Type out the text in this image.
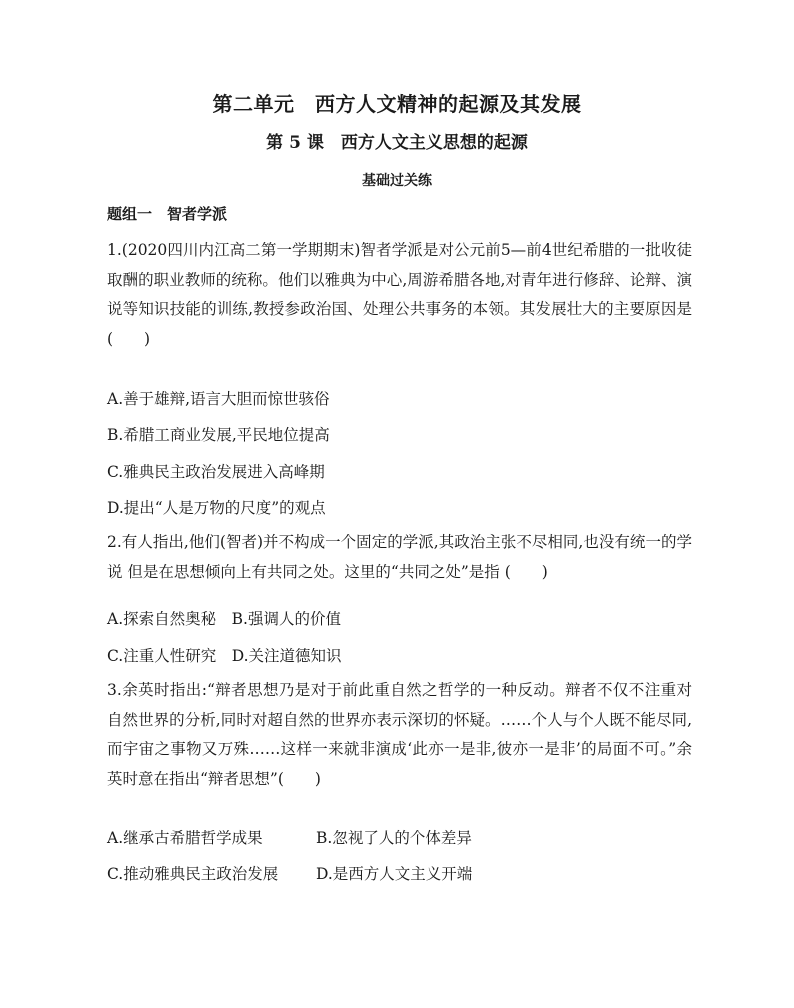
第二单元　西方人文精神的起源及其发展
第 5 课　西方人文主义思想的起源
基础过关练
题组一　智者学派
1.(2020四川内江高二第一学期期末)智者学派是对公元前5—前4世纪希腊的一批收徒取酬的职业教师的统称。他们以雅典为中心,周游希腊各地,对青年进行修辞、论辩、演说等知识技能的训练,教授参政治国、处理公共事务的本领。其发展壮大的主要原因是　(　　)
A.善于雄辩,语言大胆而惊世骇俗
B.希腊工商业发展,平民地位提高
C.雅典民主政治发展进入高峰期
D.提出“人是万物的尺度”的观点
2.有人指出,他们(智者)并不构成一个固定的学派,其政治主张不尽相同,也没有统一的学说 但是在思想倾向上有共同之处。这里的“共同之处”是指 (　　)
A.探索自然奥秘　B.强调人的价值
C.注重人性研究　D.关注道德知识
3.余英时指出:“辩者思想乃是对于前此重自然之哲学的一种反动。辩者不仅不注重对自然世界的分析,同时对超自然的世界亦表示深切的怀疑。……个人与个人既不能尽同,而宇宙之事物又万殊……这样一来就非演成‘此亦一是非,彼亦一是非’的局面不可。”余英时意在指出“辩者思想”(　　)
A.继承古希腊哲学成果	B.忽视了人的个体差异
C.推动雅典民主政治发展 D.是西方人文主义开端
